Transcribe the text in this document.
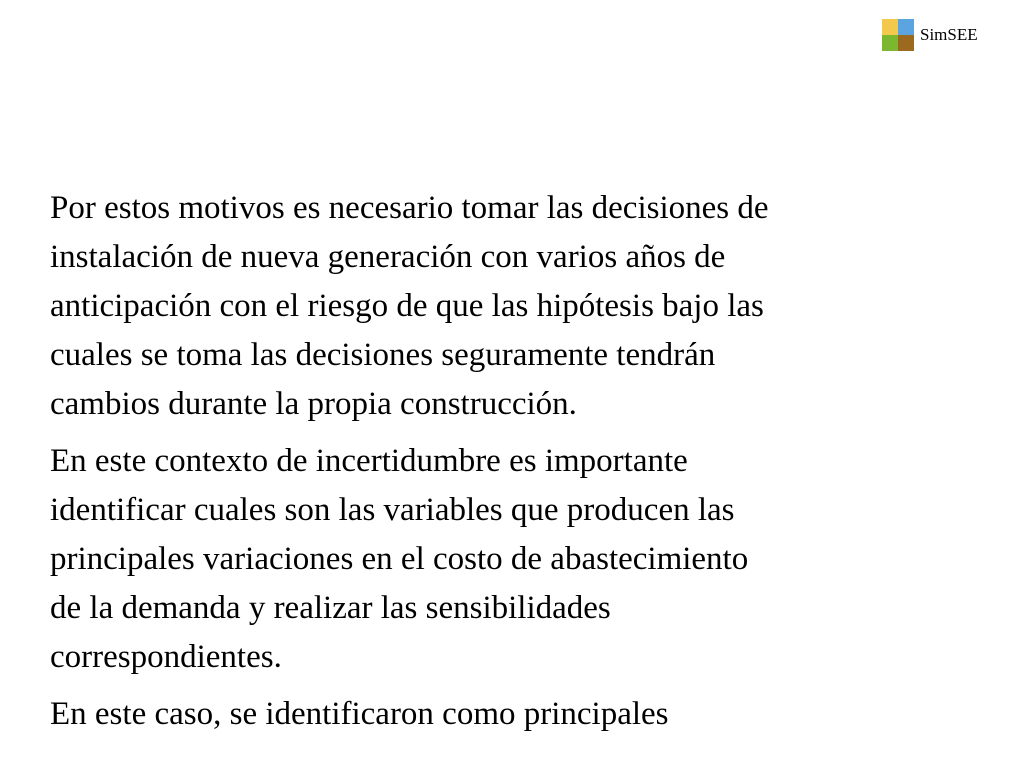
SimSEE

Por estos motivos es necesario tomar las decisiones de
instalación de nueva generación con varios años de
anticipación con el riesgo de que las hipótesis bajo las
cuales se toma las decisiones seguramente tendrán
cambios durante la propia construcción.

En este contexto de incertidumbre es importante
identificar cuales son las variables que producen las
principales variaciones en el costo de abastecimiento
de la demanda y realizar las sensibilidades
correspondientes.

En este caso, se identificaron como principales
